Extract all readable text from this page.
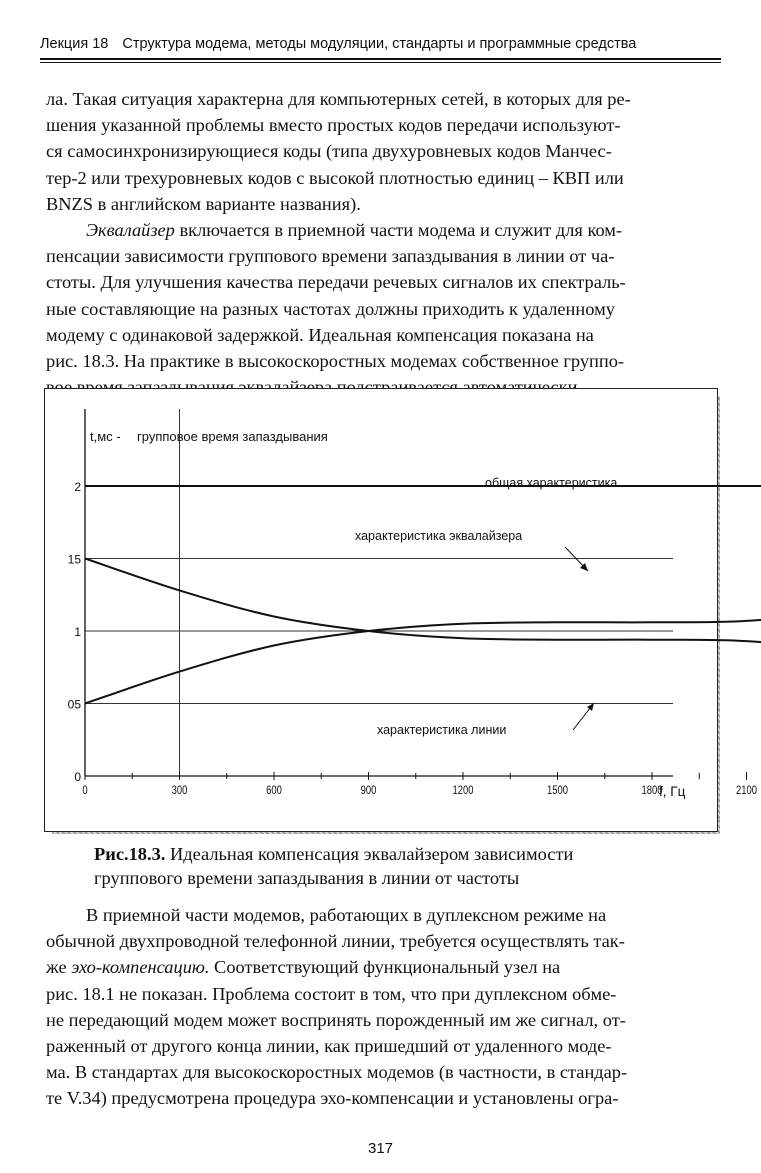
Лекция 18 Структура модема, методы модуляции, стандарты и программные средства

ла. Такая ситуация характерна для компьютерных сетей, в которых для ре-

шения указанной проблемы вместо простых кодов передачи используют-

ся самосинхронизирующиеся коды (типа двухуровневых кодов Манчес-

тер-2 или трехуровневых кодов с высокой плотностью единиц – КВП или

BNZS в английском варианте названия).

Эквалайзер включается в приемной части модема и служит для ком-

пенсации зависимости группового времени запаздывания в линии от ча-

стоты. Для улучшения качества передачи речевых сигналов их спектраль-

ные составляющие на разных частотах должны приходить к удаленному

модему с одинаковой задержкой. Идеальная компенсация показана на

рис. 18.3. На практике в высокоскоростных модемах собственное группо-

0
05
1
15
2
0	300	600	900	1200	1500	1800	2100
f, Гц
t,мс - групповое время запаздывания
общая характеристика
характеристика эквалайзера
характеристика линии
Рис.18.3. Идеальная компенсация эквалайзером зависимости
группового времени запаздывания в линии от частоты

В приемной части модемов, работающих в дуплексном режиме на

обычной двухпроводной телефонной линии, требуется осуществлять так-

же эхо-компенсацию. Соответствующий функциональный узел на

рис. 18.1 не показан. Проблема состоит в том, что при дуплексном обме-

не передающий модем может воспринять порожденный им же сигнал, от-

раженный от другого конца линии, как пришедший от удаленного моде-

ма. В стандартах для высокоскоростных модемов (в частности, в стандар-

те V.34) предусмотрена процедура эхо-компенсации и установлены огра-

317
